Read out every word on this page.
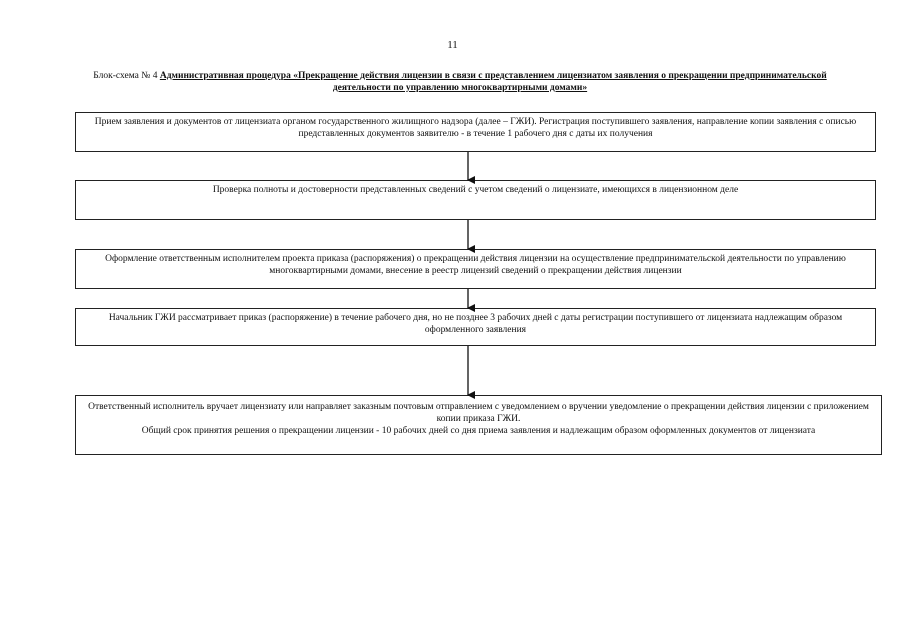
11
Блок-схема № 4 Административная процедура «Прекращение действия лицензии в связи с представлением лицензиатом заявления о прекращении предпринимательской деятельности по управлению многоквартирными домами»

Прием заявления и документов от лицензиата органом государственного жилищного надзора (далее – ГЖИ). Регистрация поступившего заявления, направление копии заявления с описью представленных документов заявителю - в течение 1 рабочего дня с даты их получения

Проверка полноты и достоверности представленных сведений с учетом сведений о лицензиате, имеющихся в лицензионном деле

Оформление ответственным исполнителем проекта приказа (распоряжения) о прекращении действия лицензии на осуществление предпринимательской деятельности по управлению многоквартирными домами, внесение в реестр лицензий сведений о прекращении действия лицензии

Начальник ГЖИ рассматривает приказ (распоряжение) в течение рабочего дня, но не позднее 3 рабочих дней с даты регистрации поступившего от лицензиата надлежащим образом оформленного заявления

Ответственный исполнитель вручает лицензиату или направляет заказным почтовым отправлением с уведомлением о вручении уведомление о прекращении действия лицензии с приложением копии приказа ГЖИ.

Общий срок принятия решения о прекращении лицензии - 10 рабочих дней со дня приема заявления и надлежащим образом оформленных документов от лицензиата
